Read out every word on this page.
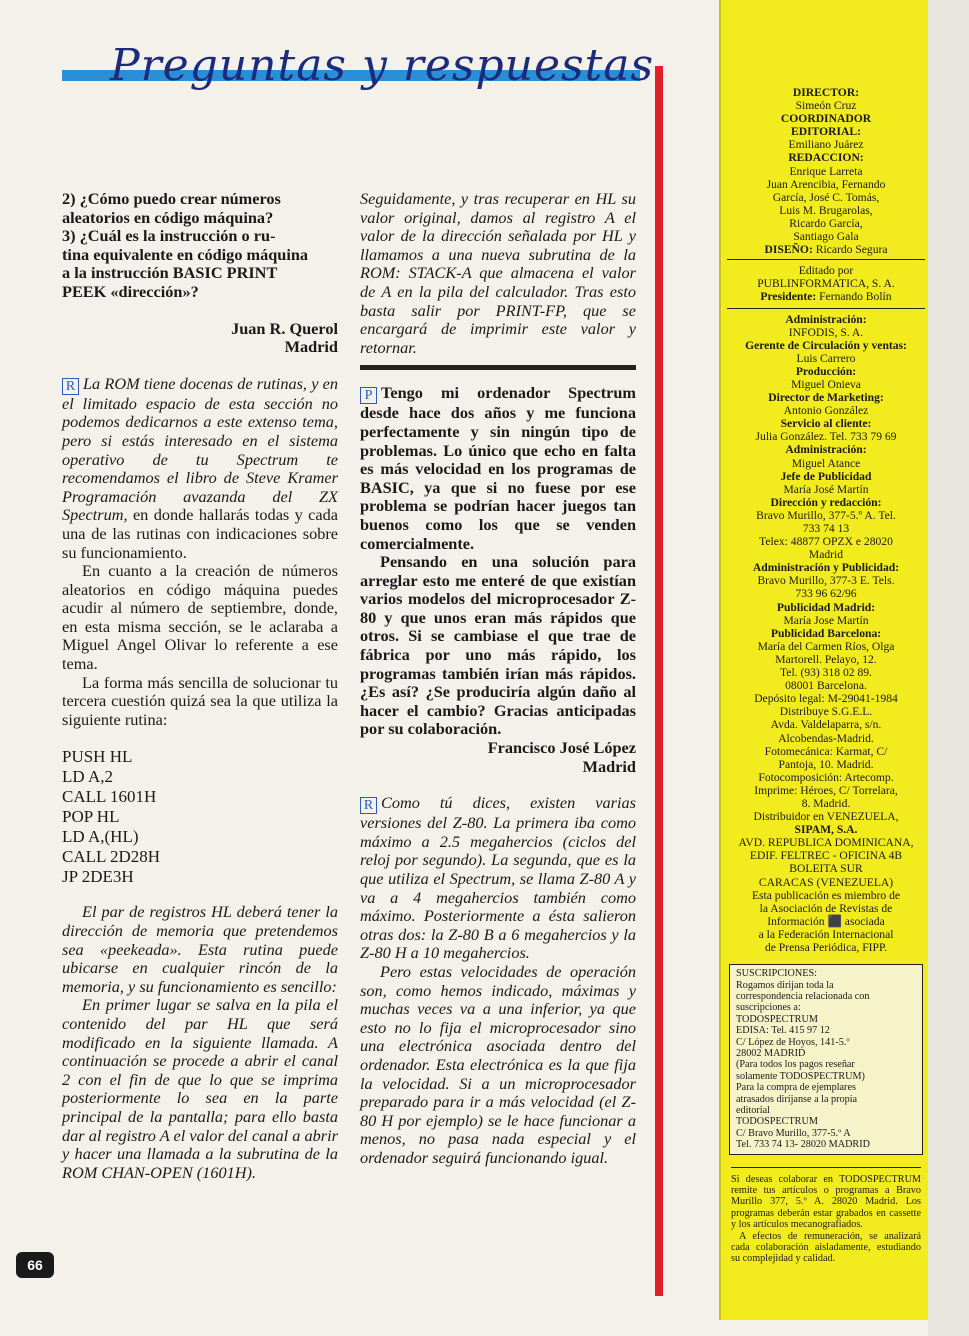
Preguntas y respuestas

2) ¿Cómo puedo crear números

aleatorios en código máquina?

3) ¿Cuál es la instrucción o ru-

tina equivalente en código máquina

a la instrucción BASIC PRINT

PEEK «dirección»?

Juan R. Querol

Madrid

R La ROM tiene docenas de rutinas, y en el limitado espacio de esta sección no podemos dedicarnos a este extenso tema, pero si estás interesado en el sistema operativo de tu Spectrum te recomendamos el libro de Steve Kramer Programación avazanda del ZX Spectrum, en donde hallarás todas y cada una de las rutinas con indicaciones sobre su funcionamiento.

En cuanto a la creación de números aleatorios en código máquina puedes acudir al número de septiembre, donde, en esta misma sección, se le aclaraba a Miguel Angel Olivar lo referente a ese tema.

La forma más sencilla de solucionar tu tercera cuestión quizá sea la que utiliza la siguiente rutina:

PUSH HL

LD A,2

CALL 1601H

POP HL

LD A,(HL)

CALL 2D28H

JP 2DE3H

El par de registros HL deberá tener la dirección de memoria que pretendemos sea «peekeada». Esta rutina puede ubicarse en cualquier rincón de la memoria, y su funcionamiento es sencillo:

En primer lugar se salva en la pila el contenido del par HL que será modificado en la siguiente llamada. A continuación se procede a abrir el canal 2 con el fin de que lo que se imprima posteriormente lo sea en la parte principal de la pantalla; para ello basta dar al registro A el valor del canal a abrir y hacer una llamada a la subrutina de la ROM CHAN-OPEN (1601H).

Seguidamente, y tras recuperar en HL su valor original, damos al registro A el valor de la dirección señalada por HL y llamamos a una nueva subrutina de la ROM: STACK-A que almacena el valor de A en la pila del calculador. Tras esto basta salir por PRINT-FP, que se encargará de imprimir este valor y retornar.

P Tengo mi ordenador Spectrum desde hace dos años y me funciona perfectamente y sin ningún tipo de problemas. Lo único que echo en falta es más velocidad en los programas de BASIC, ya que si no fuese por ese problema se podrían hacer juegos tan buenos como los que se venden comercialmente.

Pensando en una solución para arreglar esto me enteré de que existían varios modelos del microprocesador Z-80 y que unos eran más rápidos que otros. Si se cambiase el que trae de fábrica por uno más rápido, los programas también irían más rápidos. ¿Es así? ¿Se produciría algún daño al hacer el cambio? Gracias anticipadas por su colaboración.

Francisco José López

Madrid

R Como tú dices, existen varias versiones del Z-80. La primera iba como máximo a 2.5 megahercios (ciclos del reloj por segundo). La segunda, que es la que utiliza el Spectrum, se llama Z-80 A y va a 4 megahercios también como máximo. Posteriormente a ésta salieron otras dos: la Z-80 B a 6 megahercios y la Z-80 H a 10 megahercios.

Pero estas velocidades de operación son, como hemos indicado, máximas y muchas veces va a una inferior, ya que esto no lo fija el microprocesador sino una electrónica asociada dentro del ordenador. Esta electrónica es la que fija la velocidad. Si a un microprocesador preparado para ir a más velocidad (el Z-80 H por ejemplo) se le hace funcionar a menos, no pasa nada especial y el ordenador seguirá funcionando igual.

DIRECTOR:

Simeón Cruz

COORDINADOR

EDITORIAL:

Emiliano Juárez

REDACCION:

Enrique Larreta

Juan Arencibia, Fernando

García, José C. Tomás,

Luis M. Brugarolas,

Ricardo García,

Santiago Gala

DISEÑO: Ricardo Segura

Editado por

PUBLINFORMATICA, S. A.

Presidente: Fernando Bolín

Administración:

INFODIS, S. A.

Gerente de Circulación y ventas:

Luis Carrero

Producción:

Miguel Onieva

Director de Marketing:

Antonio González

Servicio al cliente:

Julia González. Tel. 733 79 69

Administración:

Miguel Atance

Jefe de Publicidad

María José Martín

Dirección y redacción:

Bravo Murillo, 377-5.º A. Tel.

733 74 13

Telex: 48877 OPZX e 28020

Madrid

Administración y Publicidad:

Bravo Murillo, 377-3 E. Tels.

733 96 62/96

Publicidad Madrid:

María Jose Martín

Publicidad Barcelona:

María del Carmen Ríos, Olga

Martorell. Pelayo, 12.

Tel. (93) 318 02 89.

08001 Barcelona.

Depósito legal: M-29041-1984

Distribuye S.G.E.L.

Avda. Valdelaparra, s/n.

Alcobendas-Madrid.

Fotomecánica: Karmat, C/

Pantoja, 10. Madrid.

Fotocomposición: Artecomp.

Imprime: Héroes, C/ Torrelara,

8. Madrid.

Distribuidor en VENEZUELA,

SIPAM, S.A.

AVD. REPUBLICA DOMINICANA,

EDIF. FELTREC - OFICINA 4B

BOLEITA SUR

CARACAS (VENEZUELA)

Esta publicación es miembro de

la Asociación de Revistas de

Información ⬛ asociada

a la Federación Internacional

de Prensa Periódica, FIPP.

SUSCRIPCIONES:

Rogamos dirijan toda la

correspondencia relacionada con

suscripciones a:

TODOSPECTRUM

EDISA: Tel. 415 97 12

C/ López de Hoyos, 141-5.º

28002 MADRID

(Para todos los pagos reseñar

solamente TODOSPECTRUM)

Para la compra de ejemplares

atrasados diríjanse a la propia

editorial

TODOSPECTRUM

C/ Bravo Murillo, 377-5.º A

Tel. 733 74 13- 28020 MADRID

Si deseas colaborar en TODOSPECTRUM remite tus artículos o programas a Bravo Murillo 377, 5.º A. 28020 Madrid. Los programas deberán estar grabados en cassette y los artículos mecanografiados.

A efectos de remuneración, se analizará cada colaboración aisladamente, estudiando su complejidad y calidad.

66
